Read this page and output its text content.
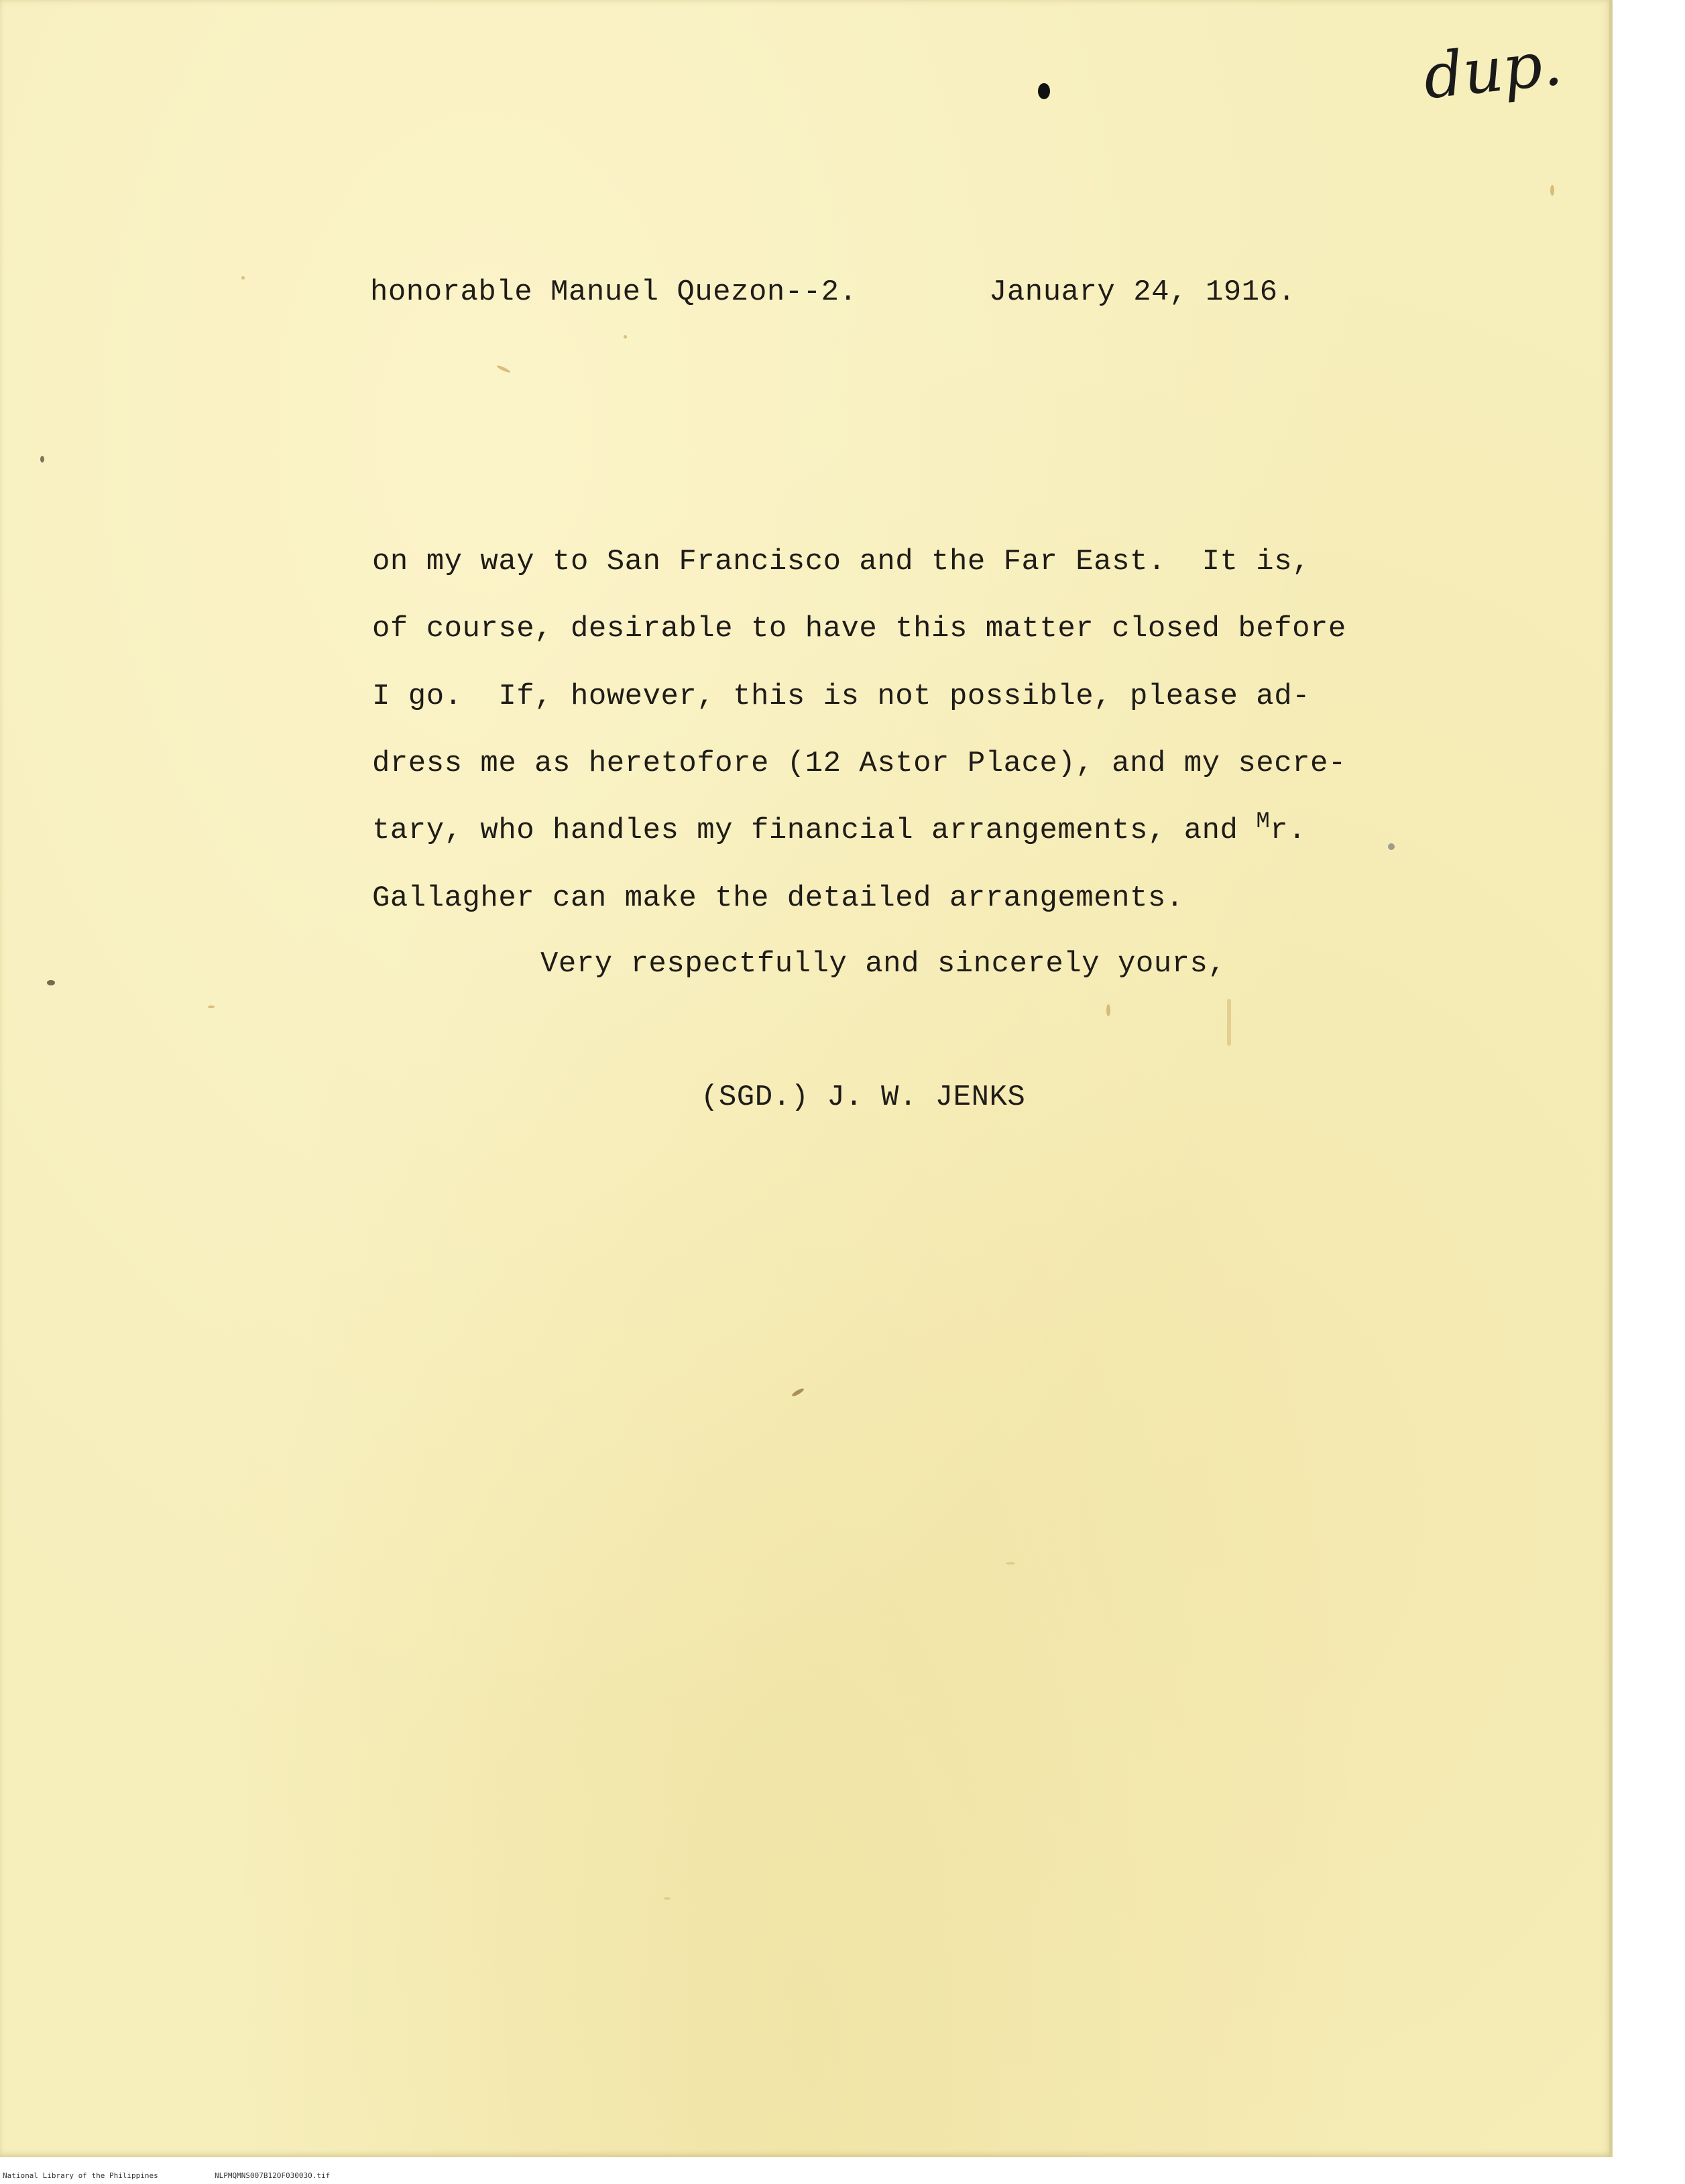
dup.
honorable Manuel Quezon--2.	January 24, 1916.
on my way to San Francisco and the Far East.  It is,
of course, desirable to have this matter closed before
I go.  If, however, this is not possible, please ad-
dress me as heretofore (12 Astor Place), and my secre-
tary, who handles my financial arrangements, and $^M$r.
Gallagher can make the detailed arrangements.
Very respectfully and sincerely yours,
(SGD.) J. W. JENKS
National Library of the Philippines	NLPMQMNS007B12OF030030.tif
